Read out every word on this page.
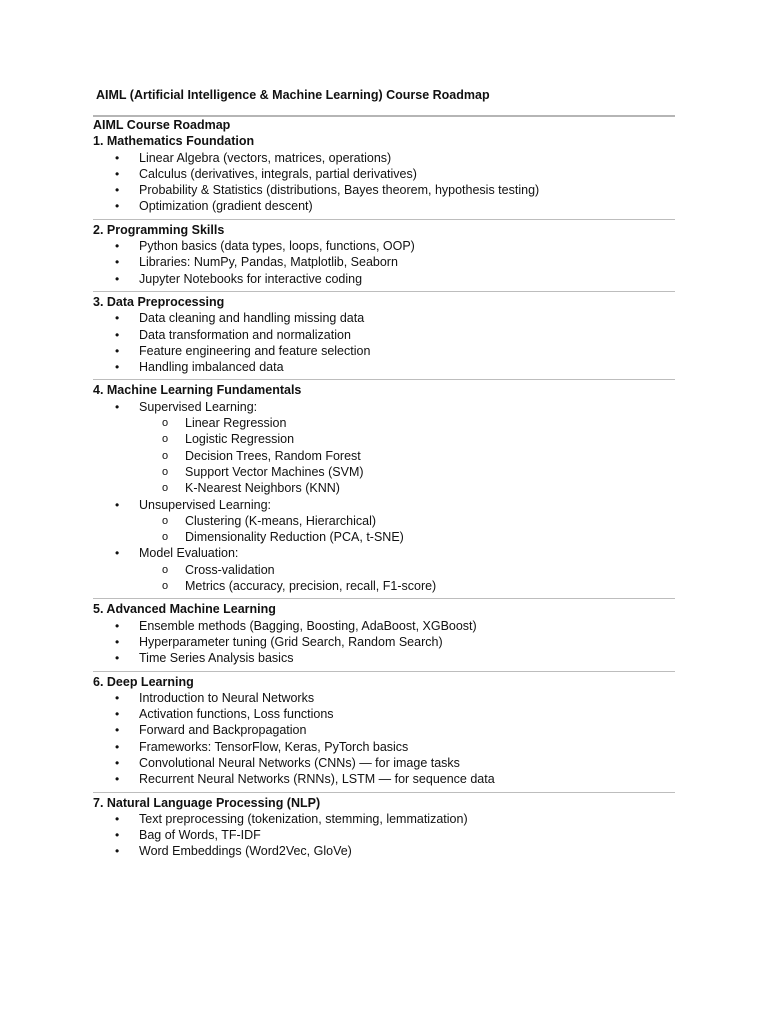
AIML (Artificial Intelligence & Machine Learning) Course Roadmap
AIML Course Roadmap
1. Mathematics Foundation
• Linear Algebra (vectors, matrices, operations)
• Calculus (derivatives, integrals, partial derivatives)
• Probability & Statistics (distributions, Bayes theorem, hypothesis testing)
• Optimization (gradient descent)
2. Programming Skills
• Python basics (data types, loops, functions, OOP)
• Libraries: NumPy, Pandas, Matplotlib, Seaborn
• Jupyter Notebooks for interactive coding
3. Data Preprocessing
• Data cleaning and handling missing data
• Data transformation and normalization
• Feature engineering and feature selection
• Handling imbalanced data
4. Machine Learning Fundamentals
• Supervised Learning:
o Linear Regression
o Logistic Regression
o Decision Trees, Random Forest
o Support Vector Machines (SVM)
o K-Nearest Neighbors (KNN)
• Unsupervised Learning:
o Clustering (K-means, Hierarchical)
o Dimensionality Reduction (PCA, t-SNE)
• Model Evaluation:
o Cross-validation
o Metrics (accuracy, precision, recall, F1-score)
5. Advanced Machine Learning
• Ensemble methods (Bagging, Boosting, AdaBoost, XGBoost)
• Hyperparameter tuning (Grid Search, Random Search)
• Time Series Analysis basics
6. Deep Learning
• Introduction to Neural Networks
• Activation functions, Loss functions
• Forward and Backpropagation
• Frameworks: TensorFlow, Keras, PyTorch basics
• Convolutional Neural Networks (CNNs) — for image tasks
• Recurrent Neural Networks (RNNs), LSTM — for sequence data
7. Natural Language Processing (NLP)
• Text preprocessing (tokenization, stemming, lemmatization)
• Bag of Words, TF-IDF
• Word Embeddings (Word2Vec, GloVe)
